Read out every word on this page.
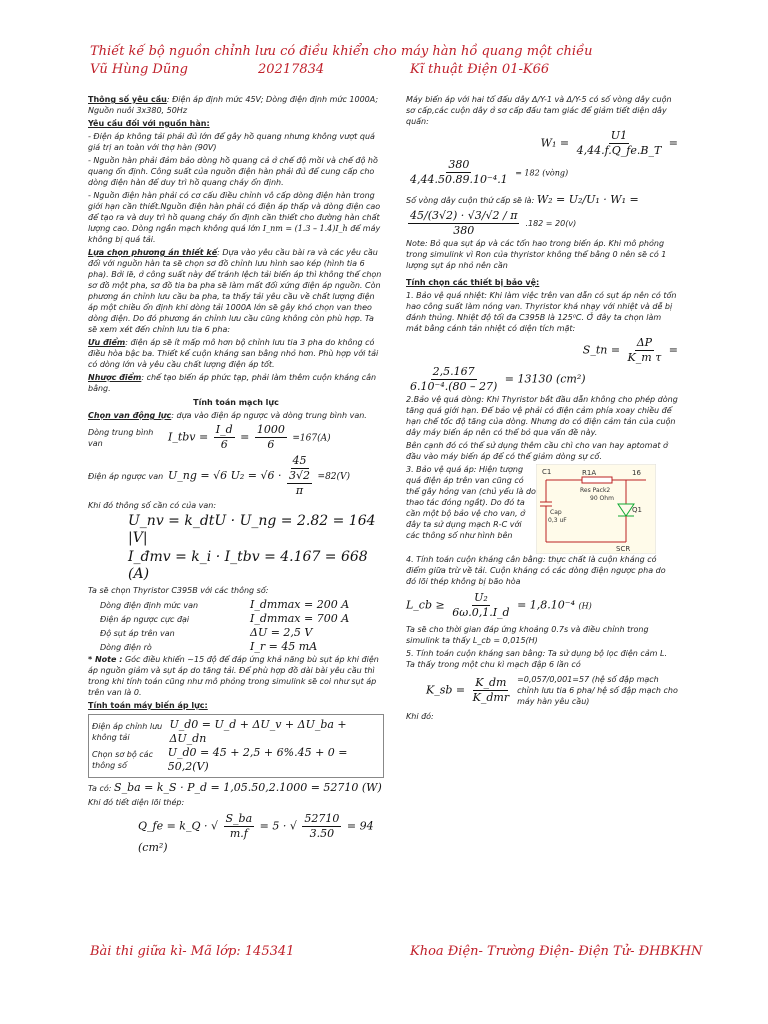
Thiết kế bộ nguồn chỉnh lưu có điều khiển cho máy hàn hồ quang một chiều
Vũ Hùng Dũng	20217834	Kĩ thuật Điện 01-K66

Thông số yêu cầu: Điện áp định mức 45V; Dòng điện định mức 1000A; Nguồn nuôi 3x380, 50Hz

Yêu cầu đối với nguồn hàn:

- Điện áp không tải phải đủ lớn để gây hồ quang nhưng không vượt quá giá trị an toàn với thợ hàn (90V)

- Nguồn hàn phải đảm bảo dòng hồ quang cả ở chế độ mồi và chế độ hồ quang ổn định. Công suất của nguồn điện hàn phải đủ để cung cấp cho dòng điện hàn để duy trì hồ quang cháy ổn định.

- Nguồn điện hàn phải có cơ cấu điều chỉnh vô cấp dòng điện hàn trong giới hạn cần thiết.Nguồn điện hàn phải có điện áp thấp và dòng điện cao để tạo ra và duy trì hồ quang cháy ổn định cần thiết cho đường hàn chất lượng cao. Dòng ngắn mạch không quá lớn I_nm = (1.3 – 1.4)I_h để máy không bị quá tải.

Lựa chọn phương án thiết kế: Dựa vào yêu cầu bài ra và các yêu cầu đối với nguồn hàn ta sẽ chọn sơ đồ chỉnh lưu hình sao kép (hình tia 6 pha). Bởi lẽ, ở công suất này để tránh lệch tải biến áp thì không thể chọn sơ đồ một pha, sơ đồ tia ba pha sẽ làm mất đối xứng điện áp nguồn. Còn phương án chỉnh lưu cầu ba pha, ta thấy tải yêu cầu về chất lượng điện áp một chiều ổn định khi dòng tải 1000A lớn sẽ gây khó chọn van theo dòng điện. Do đó phương án chỉnh lưu cầu cũng không còn phù hợp. Ta sẽ xem xét đến chỉnh lưu tia 6 pha:

Ưu điểm: điện áp sẽ ít mấp mô hơn bộ chỉnh lưu tia 3 pha do không có điều hòa bậc ba. Thiết kế cuộn kháng san bằng nhỏ hơn. Phù hợp với tải có dòng lớn và yêu cầu chất lượng điện áp tốt.

Nhược điểm: chế tạo biến áp phức tạp, phải làm thêm cuộn kháng cân bằng.

Tính toán mạch lực

Chọn van động lực: dựa vào điện áp ngược và dòng trung bình van.

Dòng trung bình van	I_tbv = $\frac{I\_d}{6} = \frac{1000}{6} =167(A)$
Điện áp ngược van U_ng = √6 U₂ = √6 ·
45
3√2
π
=82(V)

Khi đó thông số cần có của van:

U_nv = k_dtU · U_ng = 2.82 = 164 |V|

I_đmv = k_i · I_tbv = 4.167 = 668 (A)

Ta sẽ chọn Thyristor C395B với các thông số:

Dòng điện định mức van	I_dmmax = 200 A
Điện áp ngược cực đại	I_dmmax = 700 A
Độ sụt áp trên van	ΔU = 2,5 V
Dòng điện rò	I_r = 45 mA

* Note : Góc điều khiển ~15 độ để đáp ứng khả năng bù sụt áp khi điện áp nguồn giảm và sụt áp do tăng tải. Để phù hợp đồ dài bài yêu cầu thì trong khi tính toán cũng như mô phỏng trong simulink sẽ coi như sụt áp trên van là 0.

Tính toán máy biến áp lực:

Điện áp chỉnh lưu không tải
U_d0 = U_d + ΔU_v + ΔU_ba + ΔU_dn
Chọn sơ bộ các thông số
U_d0 = 45 + 2,5 + 6%.45 + 0 = 50,2(V)

Ta có: S_ba = k_S · P_d = 1,05.50,2.1000 = 52710 (W)

Khi đó tiết diện lõi thép:

Q_fe = k_Q · √ $\frac{S\_ba}{m.f} = 5$ · √ $\frac{52710}{3.50} = 94$ (cm²)

Máy biến áp với hai tổ đấu dây Δ/Y-1 và Δ/Y-5 có số vòng dây cuộn sơ cấp,các cuộn dây ở sơ cấp đấu tam giác để giảm tiết diện dây quấn:

$W_1 = \frac{U1}{4,44.f.Q\_fe.B\_T}$ =
$\frac{380}{\text{4,44.50.89.10⁻⁴.1}} = 182$ (vòng)

Số vòng dây cuộn thứ cấp sẽ là: W₂ = U₂/U₁ · W₁ =

$\frac{45/(3√2) \cdot √3/√2 / \pi}{380} .182 = 20(v)$

Note: Bỏ qua sụt áp và các tổn hao trong biến áp. Khi mô phỏng trong simulink vì Ron của thyristor không thể bằng 0 nên sẽ có 1 lượng sụt áp nhỏ nên cần

Tính chọn các thiết bị bảo vệ:

1. Bảo vệ quá nhiệt: Khi làm việc trên van dẫn có sụt áp nên có tổn hao công suất làm nóng van. Thyristor khá nhạy với nhiệt và dễ bị đánh thủng. Nhiệt độ tối đa C395B là 125⁰C. Ở đây ta chọn làm mát bằng cánh tản nhiệt có diện tích mặt:

S_tn = $\frac{\Delta P}{\text{K\_m τ}}$ =
$\frac{2,5.167}{\text{6.10⁻⁴.(80 – 27)}} = 13130$ (cm²)

2.Bảo vệ quá dòng: Khi Thyristor bắt đầu dẫn không cho phép dòng tăng quá giới hạn. Để bảo vệ phải có điện cảm phía xoay chiều để hạn chế tốc độ tăng của dòng. Nhưng do có điện cảm tản của cuộn dây máy biến áp nên có thể bỏ qua vấn đề này.

Bên cạnh đó có thể sử dụng thêm cầu chì cho van hay aptomat ở đầu vào máy biến áp để có thể giảm dòng sự cố.

3. Bảo vệ quá áp: Hiện tượng quá điện áp trên van cũng có thể gây hỏng van (chủ yếu là do thao tác đóng ngắt). Do đó ta cần một bộ bảo vệ cho van, ở đây ta sử dụng mạch R-C với các thông số như hình bên

C1	R1A	16
Res Pack2
90 Ohm
Cap
0,3 uF
Q1
SCR

4. Tính toán cuộn kháng cân bằng: thực chất là cuộn kháng có điểm giữa trừ về tải. Cuộn kháng có các dòng điện ngược pha do đó lõi thép không bị bão hòa

L_cb ≥ $\frac{\text{U₂}}{6\omega.0,1.I\_d} = 1,8.10^{-4}$ (H)

Ta sẽ cho thời gian đáp ứng khoảng 0.7s và điều chỉnh trong simulink ta thấy L_cb = 0,015(H)

5. Tính toán cuộn kháng san bằng: Ta sử dụng bộ lọc điện cảm L. Ta thấy trong một chu kì mạch đập 6 lần có

K_sb = $\frac{K\_dm}{\text{K\_dmr}} =0,057/0,001=57$ (hệ số đập mạch chỉnh lưu tia 6 pha/ hệ số đập mạch cho máy hàn yêu cầu)

Khi đó:

Bài thi giữa kì- Mã lớp: 145341	Khoa Điện- Trường Điện- Điện Tử- ĐHBKHN
